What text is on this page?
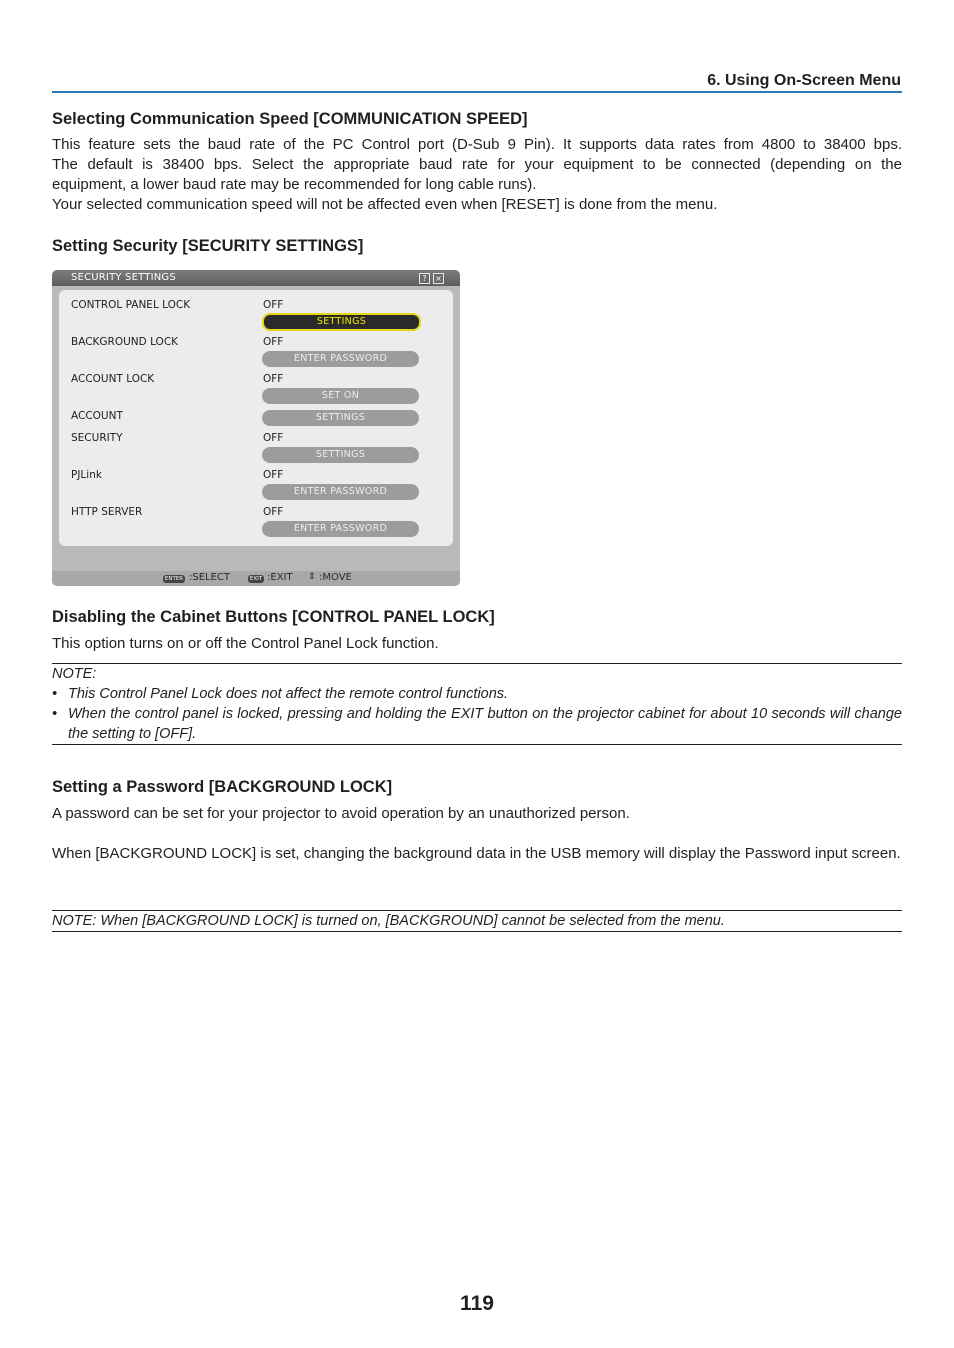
6. Using On-Screen Menu
Selecting Communication Speed [COMMUNICATION SPEED]
This feature sets the baud rate of the PC Control port (D-Sub 9 Pin). It supports data rates from 4800 to 38400 bps.
The default is 38400 bps. Select the appropriate baud rate for your equipment to be connected (depending on the
equipment, a lower baud rate may be recommended for long cable runs).
Your selected communication speed will not be affected even when [RESET] is done from the menu.
Setting Security [SECURITY SETTINGS]
SECURITY SETTINGS	?	×
CONTROL PANEL LOCK	OFF
SETTINGS
BACKGROUND LOCK	OFF
ENTER PASSWORD
ACCOUNT LOCK	OFF
SET ON
ACCOUNT	SETTINGS
SECURITY	OFF
SETTINGS
PJLink	OFF
ENTER PASSWORD
HTTP SERVER	OFF
ENTER PASSWORD
ENTER :SELECT	EXIT :EXIT ⇕ :MOVE
Disabling the Cabinet Buttons [CONTROL PANEL LOCK]
This option turns on or off the Control Panel Lock function.

NOTE:

• This Control Panel Lock does not affect the remote control functions.

• When the control panel is locked, pressing and holding the EXIT button on the projector cabinet for about 10 seconds will change the setting to [OFF].

Setting a Password [BACKGROUND LOCK]
A password can be set for your projector to avoid operation by an unauthorized person.
When [BACKGROUND LOCK] is set, changing the background data in the USB memory will display the Password input screen.

NOTE: When [BACKGROUND LOCK] is turned on, [BACKGROUND] cannot be selected from the menu.

119
